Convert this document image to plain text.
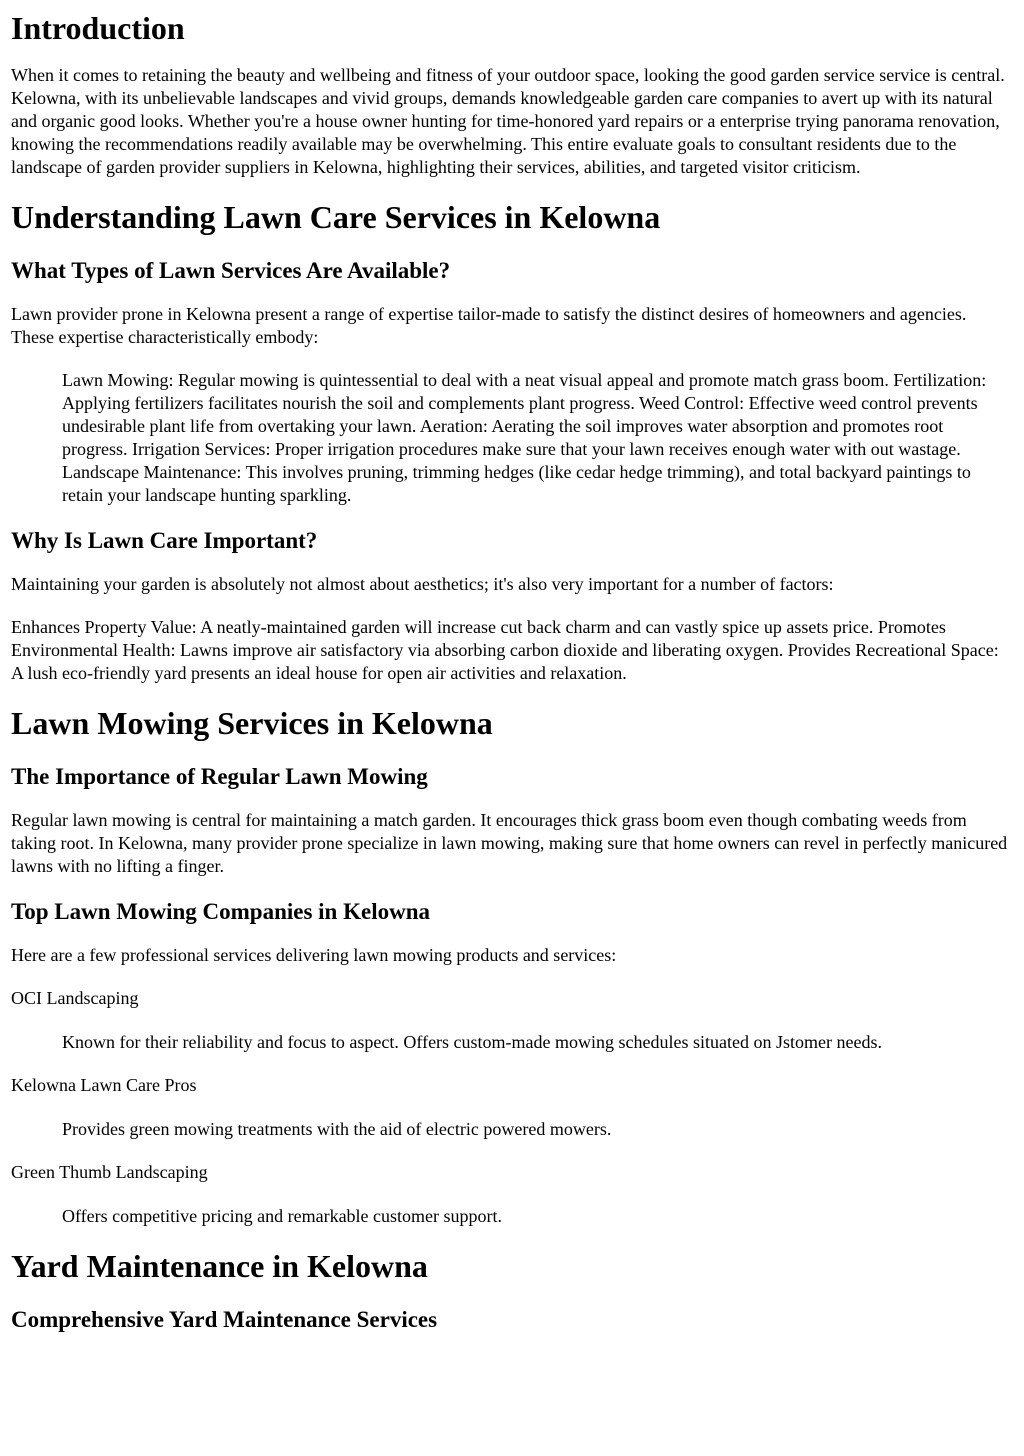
Introduction

When it comes to retaining the beauty and wellbeing and fitness of your outdoor space, looking the good garden service service is central. Kelowna, with its unbelievable landscapes and vivid groups, demands knowledgeable garden care companies to avert up with its natural and organic good looks. Whether you're a house owner hunting for time-honored yard repairs or a enterprise trying panorama renovation, knowing the recommendations readily available may be overwhelming. This entire evaluate goals to consultant residents due to the landscape of garden provider suppliers in Kelowna, highlighting their services, abilities, and targeted visitor criticism.

Understanding Lawn Care Services in Kelowna
What Types of Lawn Services Are Available?

Lawn provider prone in Kelowna present a range of expertise tailor-made to satisfy the distinct desires of homeowners and agencies. These expertise characteristically embody:

Lawn Mowing: Regular mowing is quintessential to deal with a neat visual appeal and promote match grass boom. Fertilization: Applying fertilizers facilitates nourish the soil and complements plant progress. Weed Control: Effective weed control prevents undesirable plant life from overtaking your lawn. Aeration: Aerating the soil improves water absorption and promotes root progress. Irrigation Services: Proper irrigation procedures make sure that your lawn receives enough water with out wastage. Landscape Maintenance: This involves pruning, trimming hedges (like cedar hedge trimming), and total backyard paintings to retain your landscape hunting sparkling.
Why Is Lawn Care Important?

Maintaining your garden is absolutely not almost about aesthetics; it's also very important for a number of factors:

Enhances Property Value: A neatly-maintained garden will increase cut back charm and can vastly spice up assets price. Promotes Environmental Health: Lawns improve air satisfactory via absorbing carbon dioxide and liberating oxygen. Provides Recreational Space: A lush eco-friendly yard presents an ideal house for open air activities and relaxation.

Lawn Mowing Services in Kelowna
The Importance of Regular Lawn Mowing

Regular lawn mowing is central for maintaining a match garden. It encourages thick grass boom even though combating weeds from taking root. In Kelowna, many provider prone specialize in lawn mowing, making sure that home owners can revel in perfectly manicured lawns with no lifting a finger.

Top Lawn Mowing Companies in Kelowna

Here are a few professional services delivering lawn mowing products and services:

OCI Landscaping

Known for their reliability and focus to aspect. Offers custom-made mowing schedules situated on Jstomer needs.

Kelowna Lawn Care Pros

Provides green mowing treatments with the aid of electric powered mowers.

Green Thumb Landscaping

Offers competitive pricing and remarkable customer support.
Yard Maintenance in Kelowna
Comprehensive Yard Maintenance Services
